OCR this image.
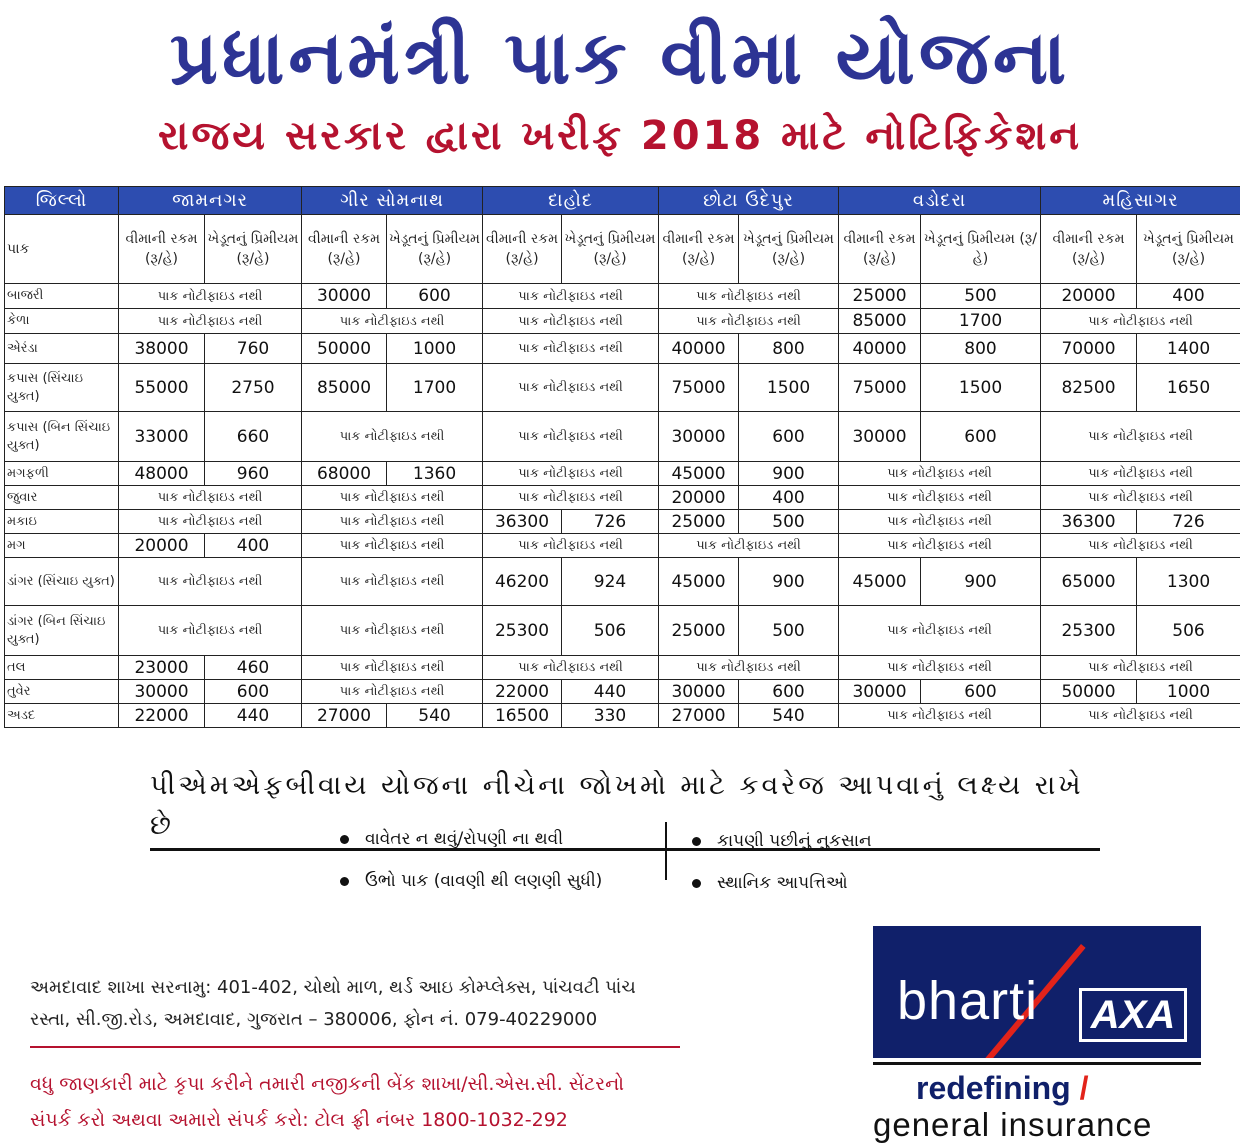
પ્રધાનમંત્રી પાક વીમા યોજના
રાજય સરકાર દ્વારા ખરીફ 2018 માટે નોટિફિકેશન
જિલ્લો	જામનગર		ગીર સોમનાથ		દાહોદ		છોટા ઉદેપુર		વડોદરા		મહિસાગર	
પાક	વીમાની રકમ (રૂ/હે)	ખેડૂતનું પ્રિમીયમ (રૂ/હે)	વીમાની રકમ (રૂ/હે)	ખેડૂતનું પ્રિમીયમ (રૂ/હે)	વીમાની રકમ (રૂ/હે)	ખેડૂતનું પ્રિમીયમ (રૂ/હે)	વીમાની રકમ (રૂ/હે)	ખેડૂતનું પ્રિમીયમ (રૂ/હે)	વીમાની રકમ (રૂ/હે)	ખેડૂતનું પ્રિમીયમ (રૂ/હે)	વીમાની રકમ (રૂ/હે)	ખેડૂતનું પ્રિમીયમ (રૂ/હે)
બાજરી	પાક નોટીફાઇડ નથી		30000	600	પાક નોટીફાઇડ નથી		પાક નોટીફાઇડ નથી		25000	500	20000	400
કેળા	પાક નોટીફાઇડ નથી		પાક નોટીફાઇડ નથી		પાક નોટીફાઇડ નથી		પાક નોટીફાઇડ નથી		85000	1700	પાક નોટીફાઇડ નથી	
એરંડા	38000	760	50000	1000	પાક નોટીફાઇડ નથી		40000	800	40000	800	70000	1400
કપાસ (સિંચાઇ યુક્ત)	55000	2750	85000	1700	પાક નોટીફાઇડ નથી		75000	1500	75000	1500	82500	1650
કપાસ (બિન સિંચાઇ યુક્ત)	33000	660	પાક નોટીફાઇડ નથી		પાક નોટીફાઇડ નથી		30000	600	30000	600	પાક નોટીફાઇડ નથી	
મગફળી	48000	960	68000	1360	પાક નોટીફાઇડ નથી		45000	900	પાક નોટીફાઇડ નથી		પાક નોટીફાઇડ નથી	
જુવાર	પાક નોટીફાઇડ નથી		પાક નોટીફાઇડ નથી		પાક નોટીફાઇડ નથી		20000	400	પાક નોટીફાઇડ નથી		પાક નોટીફાઇડ નથી	
મકાઇ	પાક નોટીફાઇડ નથી		પાક નોટીફાઇડ નથી		36300	726	25000	500	પાક નોટીફાઇડ નથી		36300	726
મગ	20000	400	પાક નોટીફાઇડ નથી		પાક નોટીફાઇડ નથી		પાક નોટીફાઇડ નથી		પાક નોટીફાઇડ નથી		પાક નોટીફાઇડ નથી	
ડાંગર (સિંચાઇ યુક્ત)	પાક નોટીફાઇડ નથી		પાક નોટીફાઇડ નથી		46200	924	45000	900	45000	900	65000	1300
ડાંગર (બિન સિંચાઇ યુક્ત)	પાક નોટીફાઇડ નથી		પાક નોટીફાઇડ નથી		25300	506	25000	500	પાક નોટીફાઇડ નથી		25300	506
તલ	23000	460	પાક નોટીફાઇડ નથી		પાક નોટીફાઇડ નથી		પાક નોટીફાઇડ નથી		પાક નોટીફાઇડ નથી		પાક નોટીફાઇડ નથી	
તુવેર	30000	600	પાક નોટીફાઇડ નથી		22000	440	30000	600	30000	600	50000	1000
અડદ	22000	440	27000	540	16500	330	27000	540	પાક નોટીફાઇડ નથી		પાક નોટીફાઇડ નથી	
પીએમએફબીવાય યોજના નીચેના જોખમો માટે કવરેજ આપવાનું લક્ષ્ય રાખે છે	વાવેતર ન થવું/રોપણી ના થવી
ઉભો પાક (વાવણી થી લણણી સુધી)
કાપણી પછીનું નુકસાન
સ્થાનિક આપત્તિઓ
અમદાવાદ શાખા સરનામુ: 401-402, ચોથો માળ, થર્ડ આઇ કોમ્પ્લેક્સ, પાંચવટી પાંચ
રસ્તા, સી.જી.રોડ, અમદાવાદ, ગુજરાત – 380006, ફોન નં. 079-40229000
વધુ જાણકારી માટે કૃપા કરીને તમારી નજીકની બેંક શાખા/સી.એસ.સી. સેંટરનો
સંપર્ક કરો અથવા અમારો સંપર્ક કરો: ટોલ ફ્રી નંબર 1800-1032-292
bharti AXA
redefining /
general insurance
